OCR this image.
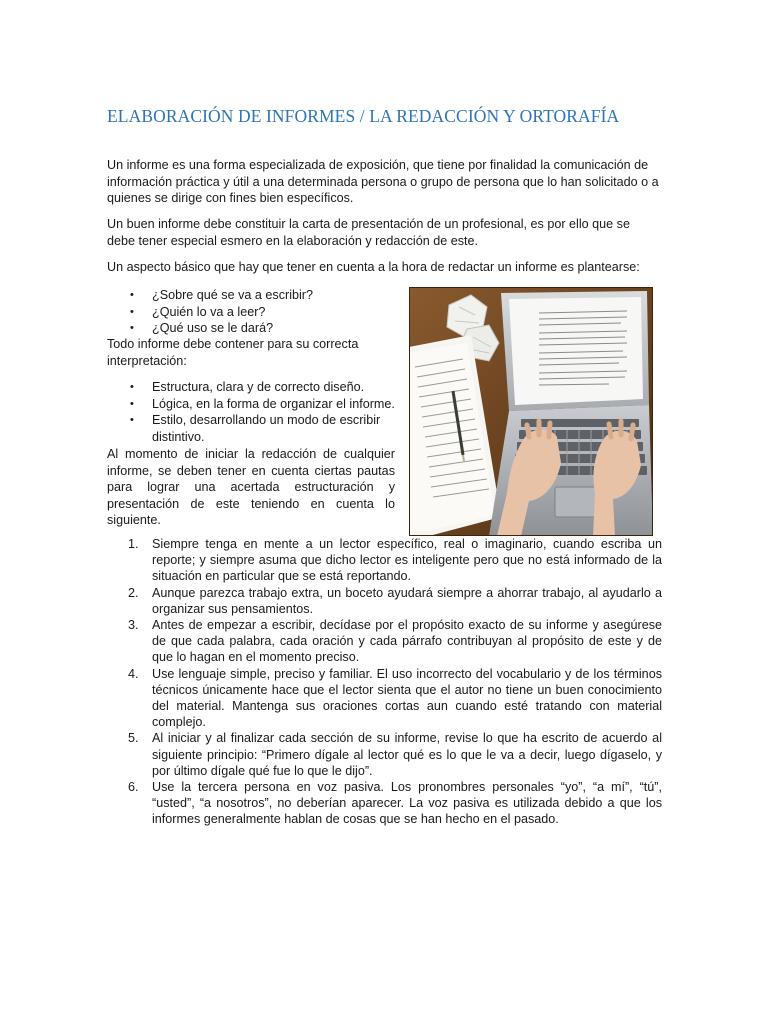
ELABORACIÓN DE INFORMES / LA REDACCIÓN Y ORTORAFÍA

Un informe es una forma especializada de exposición, que tiene por finalidad la comunicación de información práctica y útil a una determinada persona o grupo de persona que lo han solicitado o a quienes se dirige con fines bien específicos.

Un buen informe debe constituir la carta de presentación de un profesional, es por ello que se debe tener especial esmero en la elaboración y redacción de este.

Un aspecto básico que hay que tener en cuenta a la hora de redactar un informe es plantearse:

• ¿Sobre qué se va a escribir?
• ¿Quién lo va a leer?
• ¿Qué uso se le dará?

Todo informe debe contener para su correcta interpretación:

• Estructura, clara y de correcto diseño.
• Lógica, en la forma de organizar el informe.
• Estilo, desarrollando un modo de escribir distintivo.

Al momento de iniciar la redacción de cualquier informe, se deben tener en cuenta ciertas pautas para lograr una acertada estructuración y presentación de este teniendo en cuenta lo siguiente.

1. Siempre tenga en mente a un lector específico, real o imaginario, cuando escriba un reporte; y siempre asuma que dicho lector es inteligente pero que no está informado de la situación en particular que se está reportando.
2. Aunque parezca trabajo extra, un boceto ayudará siempre a ahorrar trabajo, al ayudarlo a organizar sus pensamientos.
3. Antes de empezar a escribir, decídase por el propósito exacto de su informe y asegúrese de que cada palabra, cada oración y cada párrafo contribuyan al propósito de este y de que lo hagan en el momento preciso.
4. Use lenguaje simple, preciso y familiar. El uso incorrecto del vocabulario y de los términos técnicos únicamente hace que el lector sienta que el autor no tiene un buen conocimiento del material. Mantenga sus oraciones cortas aun cuando esté tratando con material complejo.
5. Al iniciar y al finalizar cada sección de su informe, revise lo que ha escrito de acuerdo al siguiente principio: “Primero dígale al lector qué es lo que le va a decir, luego dígaselo, y por último dígale qué fue lo que le dijo”.
6. Use la tercera persona en voz pasiva. Los pronombres personales “yo”, “a mí”, “tú”, “usted”, “a nosotros”, no deberían aparecer. La voz pasiva es utilizada debido a que los informes generalmente hablan de cosas que se han hecho en el pasado.
